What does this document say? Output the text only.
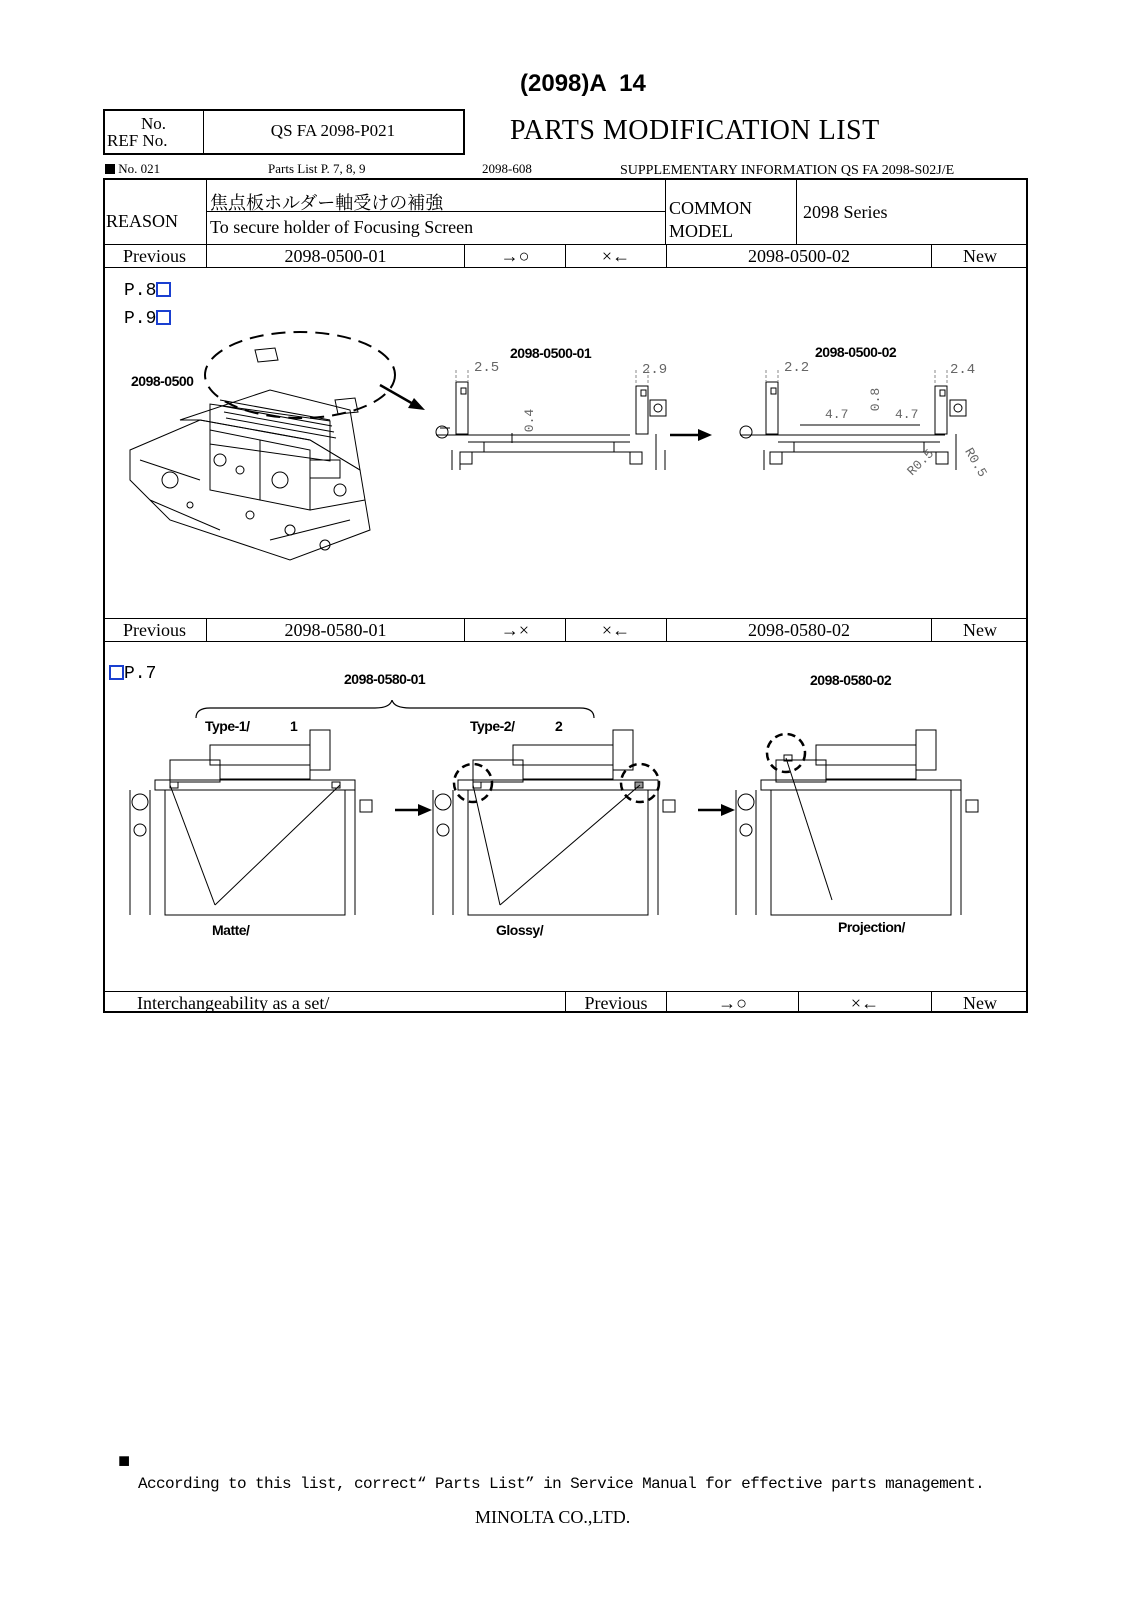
(2098)A  14
　　No.
REF No.
QS FA 2098-P021	PARTS MODIFICATION LIST
No. 021	Parts List P. 7, 8, 9	2098-608	SUPPLEMENTARY INFORMATION QS FA 2098-S02J/E

REASON
焦点板ホルダー軸受けの補強
To secure holder of Focusing Screen

COMMON
MODEL
2098 Series
Previous	2098-0500-01	→○	×←	2098-0500-02	New
P.8
P.9
2098-0500
2098-0500-01	2098-0500-02
2.5	2.9
0.4
2.2
0.8
2.4
4.7	4.7
R0.5 R0.5
Previous	2098-0580-01	→×	×←	2098-0580-02	New
P.7	2098-0580-01	2098-0580-02
Type-1/　　　1	Type-2/　　　2
Matte/　　　	Glossy/　　　	Projection/　　　　
Interchangeability as a set/　　　　　　　　	Previous	→○	×←	New
■　　　　　　　　　　　　　　　　　　　　　　　　　　　　　　　　　　　　　　　　　
According to this list, correct“ Parts List” in Service Manual for effective parts management.
MINOLTA CO.,LTD.
